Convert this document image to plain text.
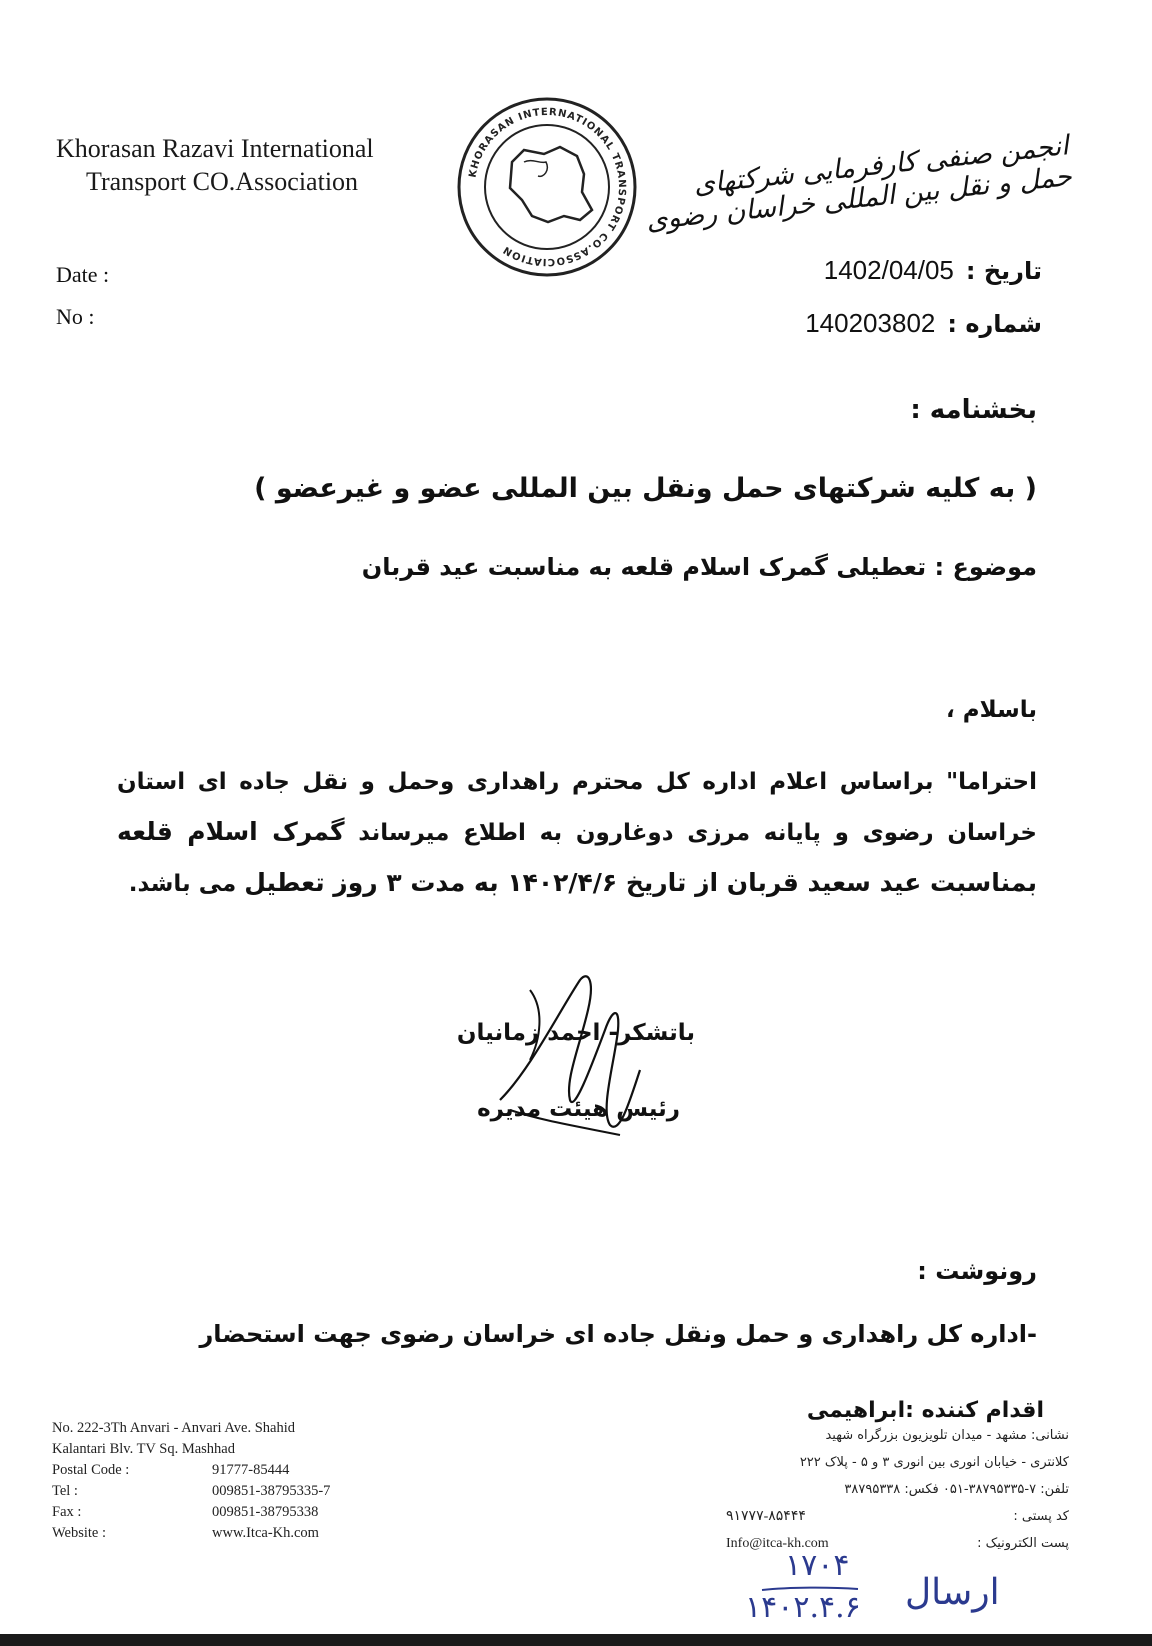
Khorasan Razavi International
Transport CO.Association	KHORASAN INTERNATIONAL TRANSPORT CO.ASSOCIATION
انجمن صنفی کارفرمایی شرکتهای حمل و نقل بین المللی خراسان رضوی
Date :
No :
تاریخ :
1402/04/05
شماره :
140203802
بخشنامه :
( به کلیه شرکتهای حمل ونقل بین المللی عضو و غیرعضو )
موضوع : تعطیلی گمرک اسلام قلعه به مناسبت عید قربان
باسلام ،
احتراما" براساس اعلام اداره کل محترم راهداری وحمل و نقل جاده ای استان خراسان رضوی و پایانه مرزی دوغارون به اطلاع میرساند گمرک اسلام قلعه بمناسبت عید سعید قربان از تاریخ ۱۴۰۲/۴/۶ به مدت ۳ روز تعطیل می باشد.
باتشکر- احمد زمانیان
رئیس هیئت مدیره
رونوشت :
-اداره کل راهداری و حمل ونقل جاده ای خراسان رضوی جهت استحضار
No. 222-3Th Anvari - Anvari Ave. Shahid
Kalantari Blv. TV Sq. Mashhad
Postal Code :	91777-85444
Tel :	009851-38795335-7
Fax :	009851-38795338
Website :	www.Itca-Kh.com
اقدام کننده :ابراهیمی
نشانی: مشهد - میدان تلویزیون بزرگراه شهید
کلانتری - خیابان انوری بین انوری ۳ و ۵ - پلاک ۲۲۲
تلفن: ۷-۳۸۷۹۵۳۳۵-۰۵۱ فکس: ۳۸۷۹۵۳۳۸
کد پستی :
۹۱۷۷۷-۸۵۴۴۴
پست الکترونیک :
Info@itca-kh.com
۱۷۰۴
۱۴۰۲.۴.۶ ارسال
